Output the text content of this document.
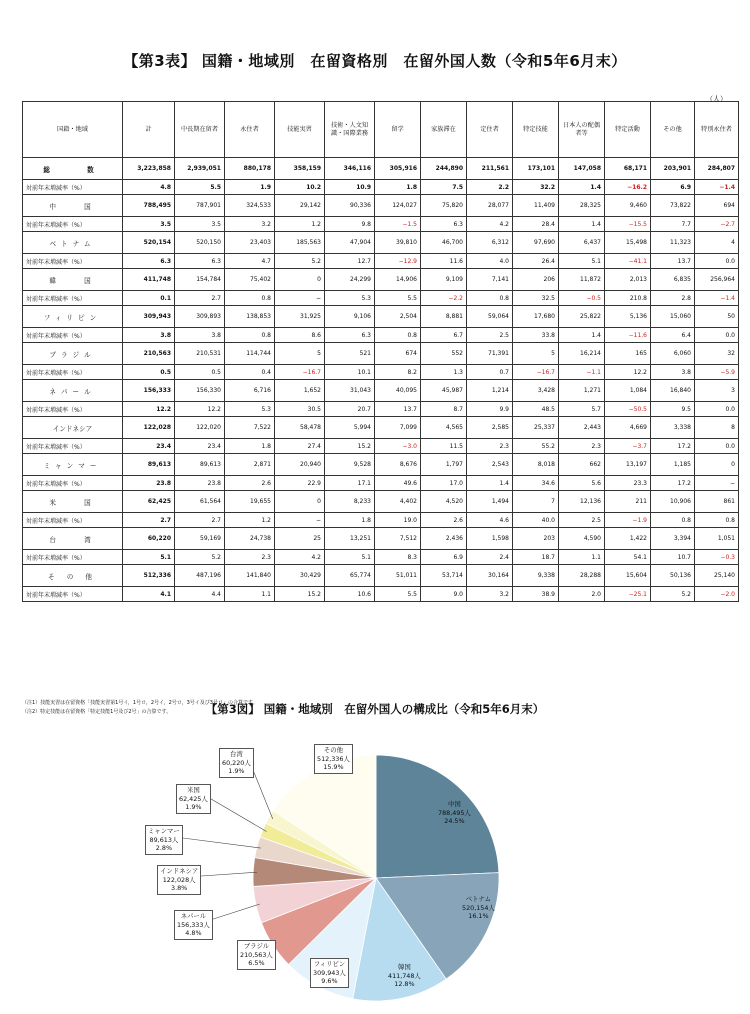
【第3表】 国籍・地域別　在留資格別　在留外国人数（令和5年6月末）
（人）
国籍・地域	計	中長期在留者	永住者	技能実習	技術・人文知識・国際業務	留学	家族滞在	定住者	特定技能	日本人の配偶者等	特定活動	その他	特別永住者
総　　数	3,223,858	2,939,051	880,178	358,159	346,116	305,916	244,890	211,561	173,101	147,058	68,171	203,901	284,807
対前年末増減率（%）	4.8	5.5	1.9	10.2	10.9	1.8	7.5	2.2	32.2	1.4	−16.2	6.9	−1.4
中　　国	788,495	787,901	324,533	29,142	90,336	124,027	75,820	28,077	11,409	28,325	9,460	73,822	694
対前年末増減率（%）	3.5	3.5	3.2	1.2	9.8	−1.5	6.3	4.2	28.4	1.4	−15.5	7.7	−2.7
ベトナム	520,154	520,150	23,403	185,563	47,904	39,810	46,700	6,312	97,690	6,437	15,498	11,323	4
対前年末増減率（%）	6.3	6.3	4.7	5.2	12.7	−12.9	11.6	4.0	26.4	5.1	−41.1	13.7	0.0
韓　　国	411,748	154,784	75,402	0	24,299	14,906	9,109	7,141	206	11,872	2,013	6,835	256,964
対前年末増減率（%）	0.1	2.7	0.8	−	5.3	5.5	−2.2	0.8	32.5	−0.5	210.8	2.8	−1.4
フィリピン	309,943	309,893	138,853	31,925	9,106	2,504	8,881	59,064	17,680	25,822	5,136	15,060	50
対前年末増減率（%）	3.8	3.8	0.8	8.6	6.3	0.8	6.7	2.5	33.8	1.4	−11.6	6.4	0.0
ブラジル	210,563	210,531	114,744	5	521	674	552	71,391	5	16,214	165	6,060	32
対前年末増減率（%）	0.5	0.5	0.4	−16.7	10.1	8.2	1.3	0.7	−16.7	−1.1	12.2	3.8	−5.9
ネパール	156,333	156,330	6,716	1,652	31,043	40,095	45,987	1,214	3,428	1,271	1,084	16,840	3
対前年末増減率（%）	12.2	12.2	5.3	30.5	20.7	13.7	8.7	9.9	48.5	5.7	−50.5	9.5	0.0
インドネシア	122,028	122,020	7,522	58,478	5,994	7,099	4,565	2,585	25,337	2,443	4,669	3,338	8
対前年末増減率（%）	23.4	23.4	1.8	27.4	15.2	−3.0	11.5	2.3	55.2	2.3	−3.7	17.2	0.0
ミャンマー	89,613	89,613	2,871	20,940	9,528	8,676	1,797	2,543	8,018	662	13,197	1,185	0
対前年末増減率（%）	23.8	23.8	2.6	22.9	17.1	49.6	17.0	1.4	34.6	5.6	23.3	17.2	−
米　　国	62,425	61,564	19,655	0	8,233	4,402	4,520	1,494	7	12,136	211	10,906	861
対前年末増減率（%）	2.7	2.7	1.2	−	1.8	19.0	2.6	4.6	40.0	2.5	−1.9	0.8	0.8
台　　湾	60,220	59,169	24,738	25	13,251	7,512	2,436	1,598	203	4,590	1,422	3,394	1,051
対前年末増減率（%）	5.1	5.2	2.3	4.2	5.1	8.3	6.9	2.4	18.7	1.1	54.1	10.7	−0.3
そ の 他	512,336	487,196	141,840	30,429	65,774	51,011	53,714	30,164	9,338	28,288	15,604	50,136	25,140
対前年末増減率（%）	4.1	4.4	1.1	15.2	10.6	5.5	9.0	3.2	38.9	2.0	−25.1	5.2	−2.0
（注1）技能実習は在留資格「技能実習第1号イ，1号ロ，2号イ，2号ロ，3号イ及び3号ロ」の合算です。
（注2）特定技能は在留資格「特定技能1号及び2号」の合算です。	【第3図】 国籍・地域別　在留外国人の構成比（令和5年6月末）
中国
788,495人
24.5%
ベトナム
520,154人
16.1%
韓国
411,748人
12.8%
フィリピン
309,943人
9.6%
ブラジル
210,563人
6.5%
ネパール
156,333人
4.8%
インドネシア
122,028人
3.8%
ミャンマー
89,613人
2.8%
米国
62,425人
1.9%
台湾
60,220人
1.9%
その他
512,336人
15.9%
